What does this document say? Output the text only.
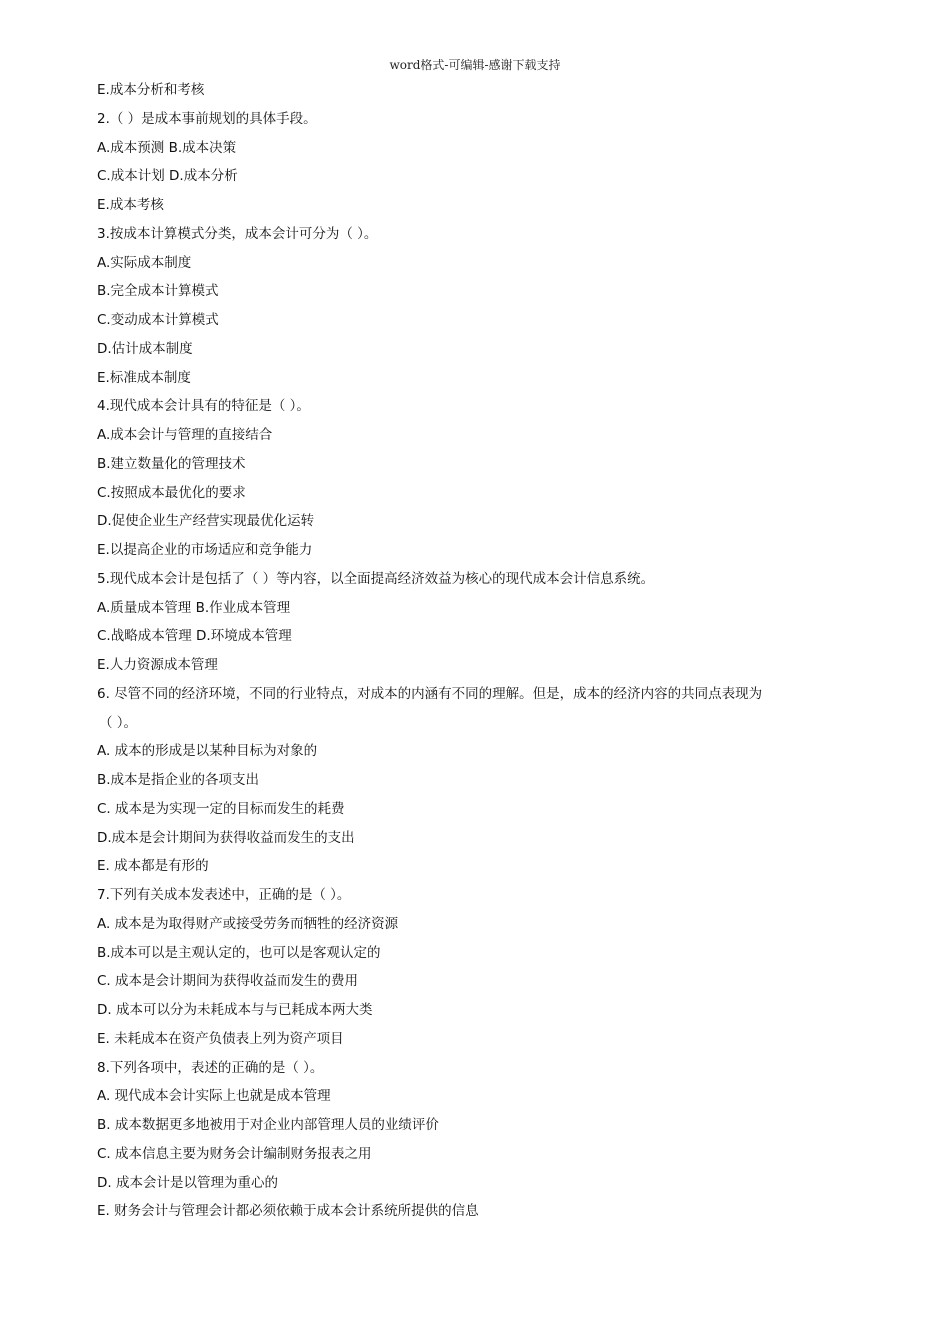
word格式-可编辑-感谢下载支持

E.成本分析和考核

2.（ ）是成本事前规划的具体手段。

A.成本预测 B.成本决策

C.成本计划 D.成本分析

E.成本考核

3.按成本计算模式分类，成本会计可分为（ ）。

A.实际成本制度

B.完全成本计算模式

C.变动成本计算模式

D.估计成本制度

E.标准成本制度

4.现代成本会计具有的特征是（ ）。

A.成本会计与管理的直接结合

B.建立数量化的管理技术

C.按照成本最优化的要求

D.促使企业生产经营实现最优化运转

E.以提高企业的市场适应和竞争能力

5.现代成本会计是包括了（ ）等内容，以全面提高经济效益为核心的现代成本会计信息系统。

A.质量成本管理 B.作业成本管理

C.战略成本管理 D.环境成本管理

E.人力资源成本管理

6. 尽管不同的经济环境，不同的行业特点，对成本的内涵有不同的理解。但是，成本的经济内容的共同点表现为

（ ）。

A. 成本的形成是以某种目标为对象的

B.成本是指企业的各项支出

C. 成本是为实现一定的目标而发生的耗费

D.成本是会计期间为获得收益而发生的支出

E. 成本都是有形的

7.下列有关成本发表述中，正确的是（ ）。

A. 成本是为取得财产或接受劳务而牺牲的经济资源

B.成本可以是主观认定的，也可以是客观认定的

C. 成本是会计期间为获得收益而发生的费用

D. 成本可以分为未耗成本与与已耗成本两大类

E. 未耗成本在资产负债表上列为资产项目

8.下列各项中，表述的正确的是（ ）。

A. 现代成本会计实际上也就是成本管理

B. 成本数据更多地被用于对企业内部管理人员的业绩评价

C. 成本信息主要为财务会计编制财务报表之用

D. 成本会计是以管理为重心的

E. 财务会计与管理会计都必须依赖于成本会计系统所提供的信息
